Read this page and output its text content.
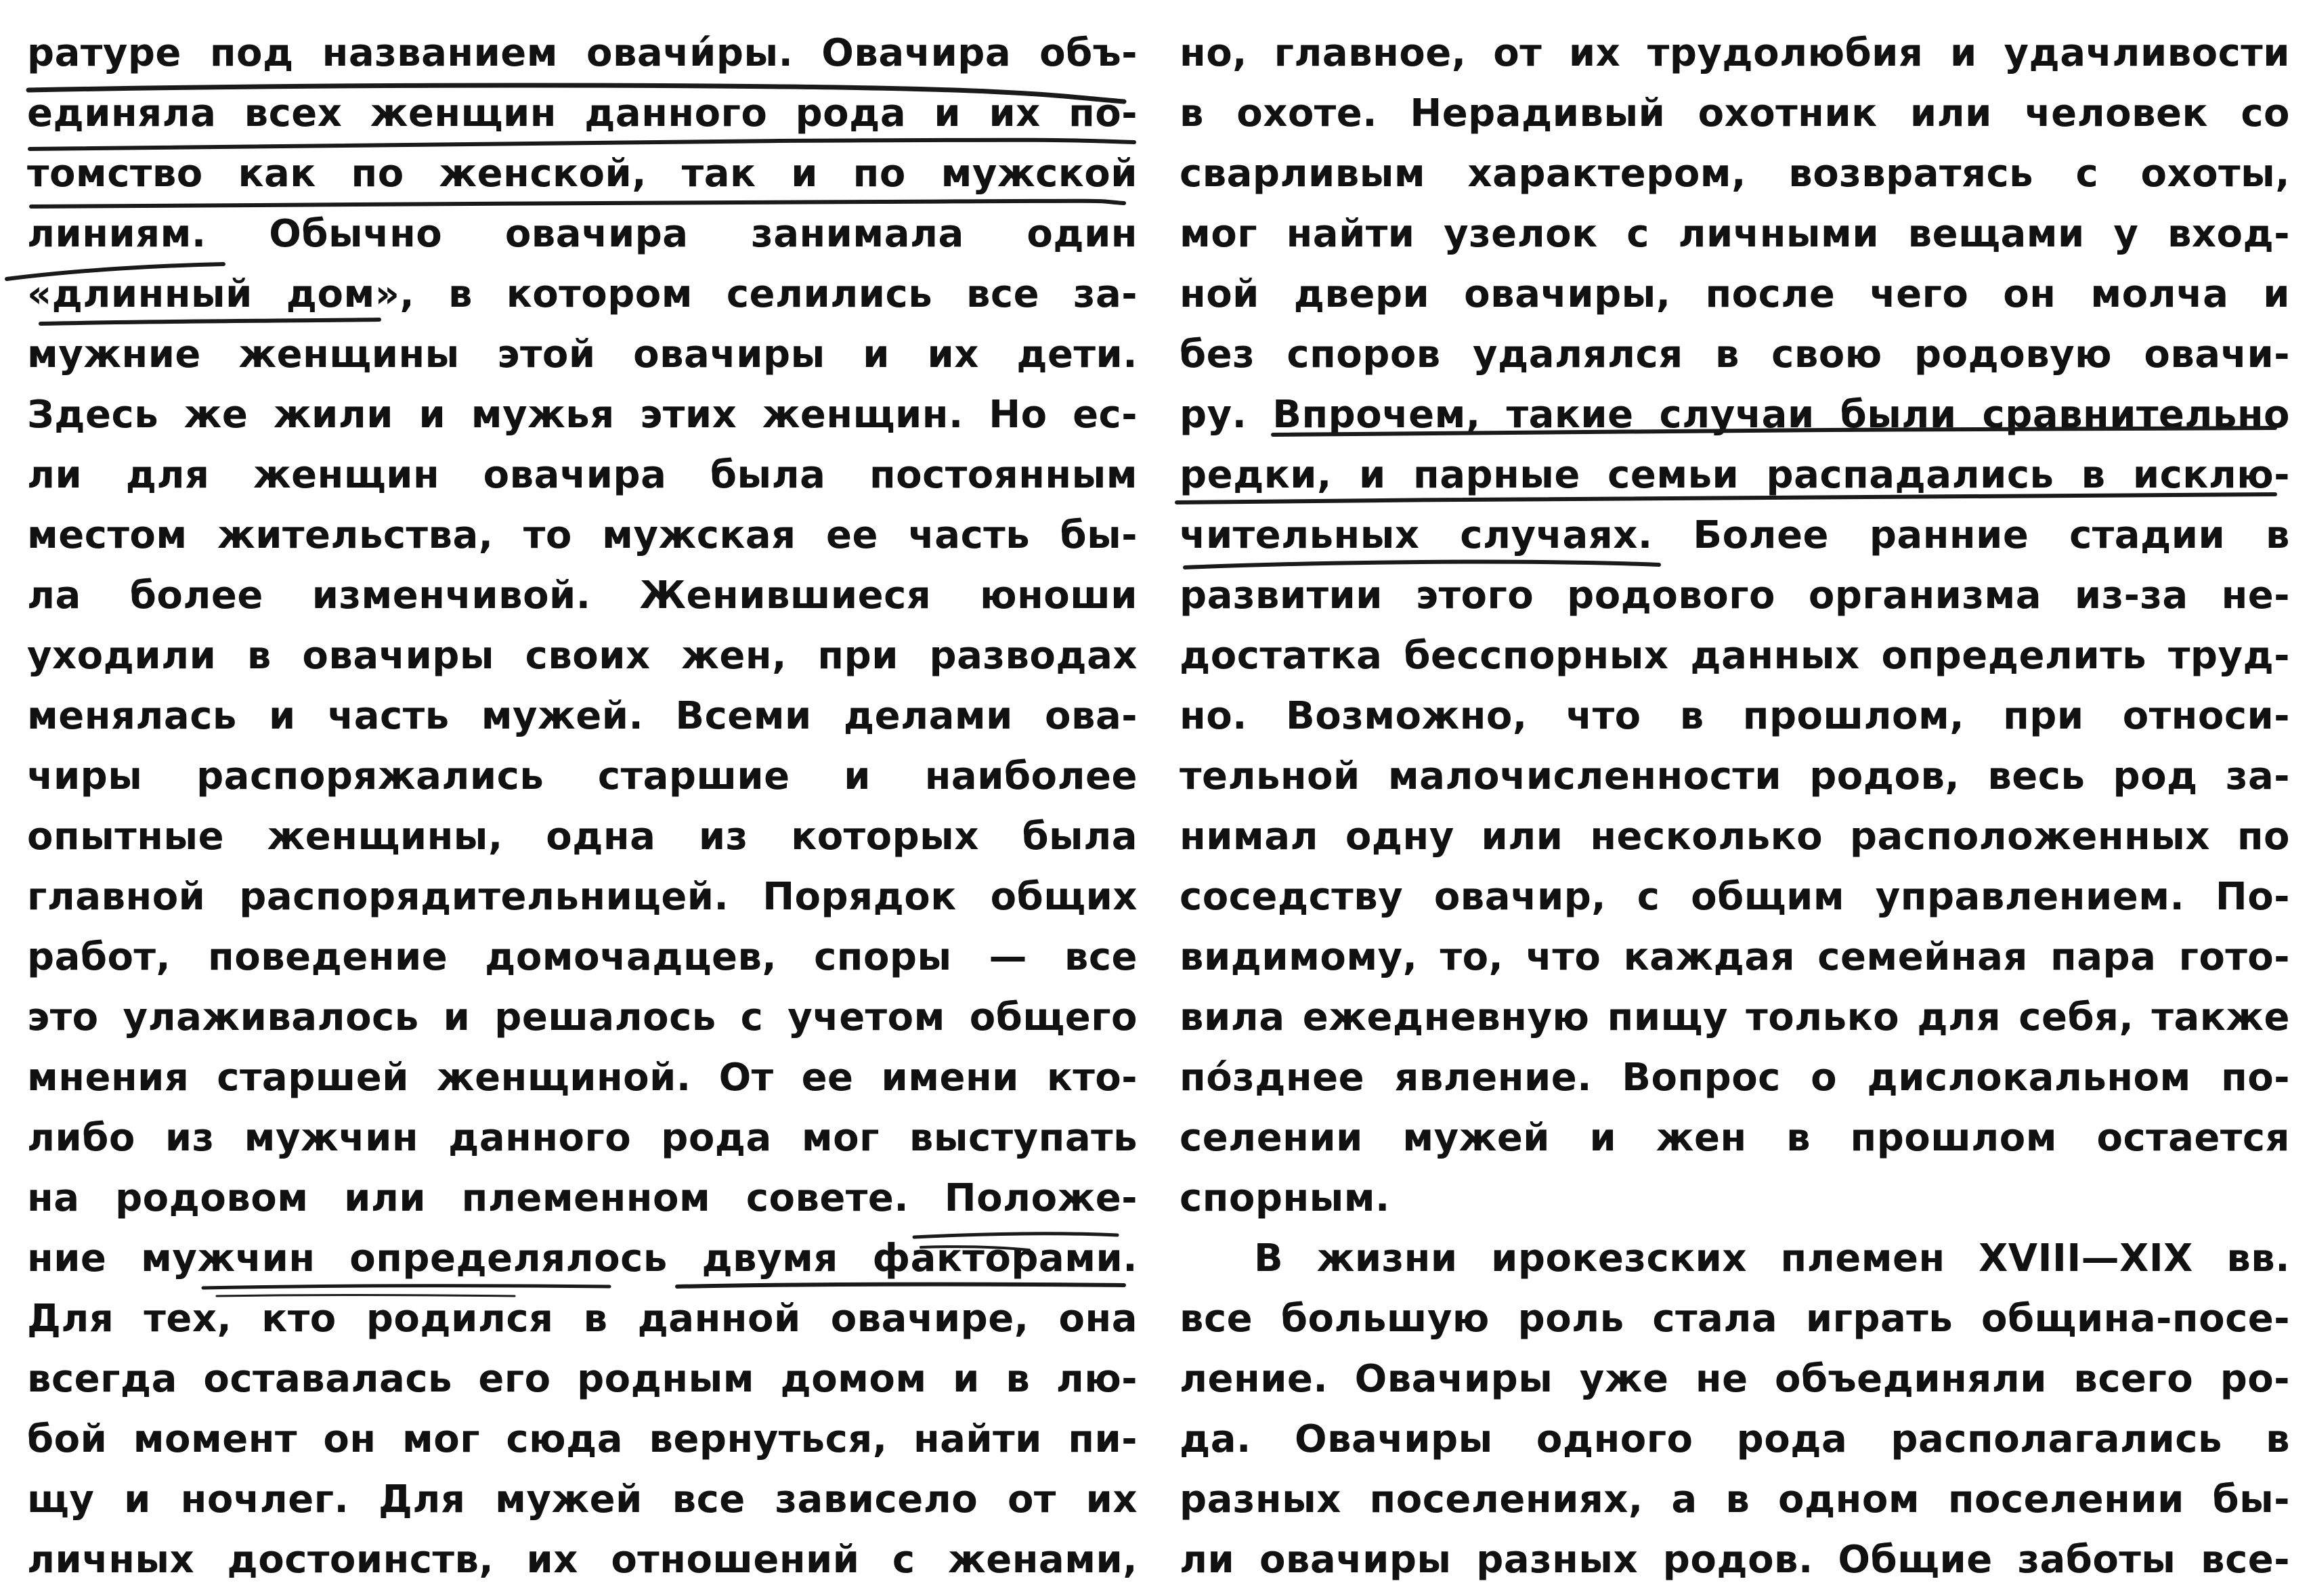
ратуре под названием овачи́ры. Овачира объ-
единяла всех женщин данного рода и их по-
томство как по женской, так и по мужской
линиям. Обычно овачира занимала один
«длинный дом», в котором селились все за-
мужние женщины этой овачиры и их дети.
Здесь же жили и мужья этих женщин. Но ес-
ли для женщин овачира была постоянным
местом жительства, то мужская ее часть бы-
ла более изменчивой. Женившиеся юноши
уходили в овачиры своих жен, при разводах
менялась и часть мужей. Всеми делами ова-
чиры распоряжались старшие и наиболее
опытные женщины, одна из которых была
главной распорядительницей. Порядок общих
работ, поведение домочадцев, споры — все
это улаживалось и решалось с учетом общего
мнения старшей женщиной. От ее имени кто-
либо из мужчин данного рода мог выступать
на родовом или племенном совете. Положе-
ние мужчин определялось двумя факторами.
Для тех, кто родился в данной овачире, она
всегда оставалась его родным домом и в лю-
бой момент он мог сюда вернуться, найти пи-
щу и ночлег. Для мужей все зависело от их
личных достоинств, их отношений с женами,
но, главное, от их трудолюбия и удачливости
в охоте. Нерадивый охотник или человек со
сварливым характером, возвратясь с охоты,
мог найти узелок с личными вещами у вход-
ной двери овачиры, после чего он молча и
без споров удалялся в свою родовую овачи-
ру. Впрочем, такие случаи были сравнительно
редки, и парные семьи распадались в исклю-
чительных случаях. Более ранние стадии в
развитии этого родового организма из-за не-
достатка бесспорных данных определить труд-
но. Возможно, что в прошлом, при относи-
тельной малочисленности родов, весь род за-
нимал одну или несколько расположенных по
соседству овачир, с общим управлением. По-
видимому, то, что каждая семейная пара гото-
вила ежедневную пищу только для себя, также
по́зднее явление. Вопрос о дислокальном по-
селении мужей и жен в прошлом остается
спорным.
В жизни ирокезских племен XVIII—XIX вв.
все большую роль стала играть община-посе-
ление. Овачиры уже не объединяли всего ро-
да. Овачиры одного рода располагались в
разных поселениях, а в одном поселении бы-
ли овачиры разных родов. Общие заботы все-
